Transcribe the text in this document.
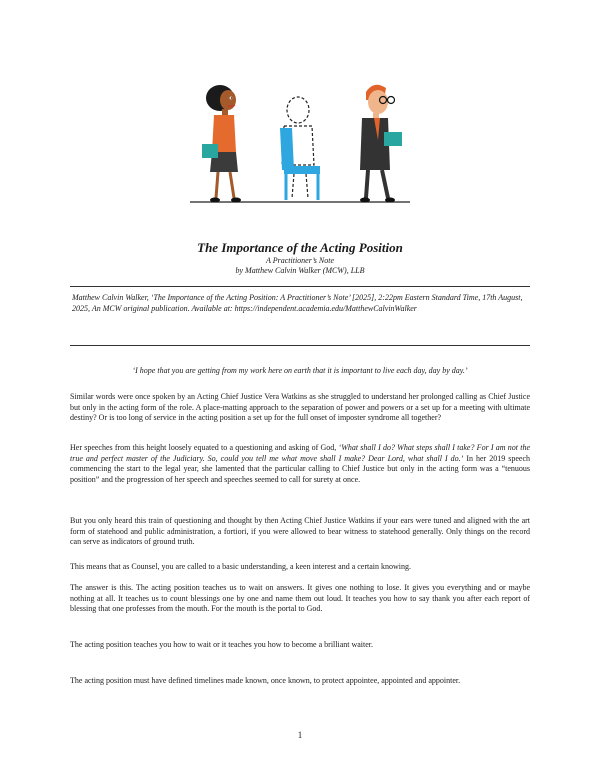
The Importance of the Acting Position

A Practitioner’s Note

by Matthew Calvin Walker (MCW), LLB

Matthew Calvin Walker, ‘The Importance of the Acting Position: A Practitioner’s Note’ [2025], 2:22pm Eastern Standard Time, 17th August, 2025, An MCW original publication. Available at: https://independent.academia.edu/MatthewCalvinWalker

‘I hope that you are getting from my work here on earth that it is important to live each day, day by day.’

Similar words were once spoken by an Acting Chief Justice Vera Watkins as she struggled to understand her prolonged calling as Chief Justice but only in the acting form of the role. A place-matting approach to the separation of power and powers or a set up for a meeting with ultimate destiny? Or is too long of service in the acting position a set up for the full onset of imposter syndrome all together?

Her speeches from this height loosely equated to a questioning and asking of God, ‘What shall I do? What steps shall I take? For I am not the true and perfect master of the Judiciary. So, could you tell me what move shall I make? Dear Lord, what shall I do.’ In her 2019 speech commencing the start to the legal year, she lamented that the particular calling to Chief Justice but only in the acting form was a “tenuous position” and the progression of her speech and speeches seemed to call for surety at once.

But you only heard this train of questioning and thought by then Acting Chief Justice Watkins if your ears were tuned and aligned with the art form of statehood and public administration, a fortiori, if you were allowed to bear witness to statehood generally. Only things on the record can serve as indicators of ground truth.

This means that as Counsel, you are called to a basic understanding, a keen interest and a certain knowing.

The answer is this. The acting position teaches us to wait on answers. It gives one nothing to lose. It gives you everything and or maybe nothing at all. It teaches us to count blessings one by one and name them out loud. It teaches you how to say thank you after each report of blessing that one professes from the mouth. For the mouth is the portal to God.

The acting position teaches you how to wait or it teaches you how to become a brilliant waiter.

The acting position must have defined timelines made known, once known, to protect appointee, appointed and appointer.

1
